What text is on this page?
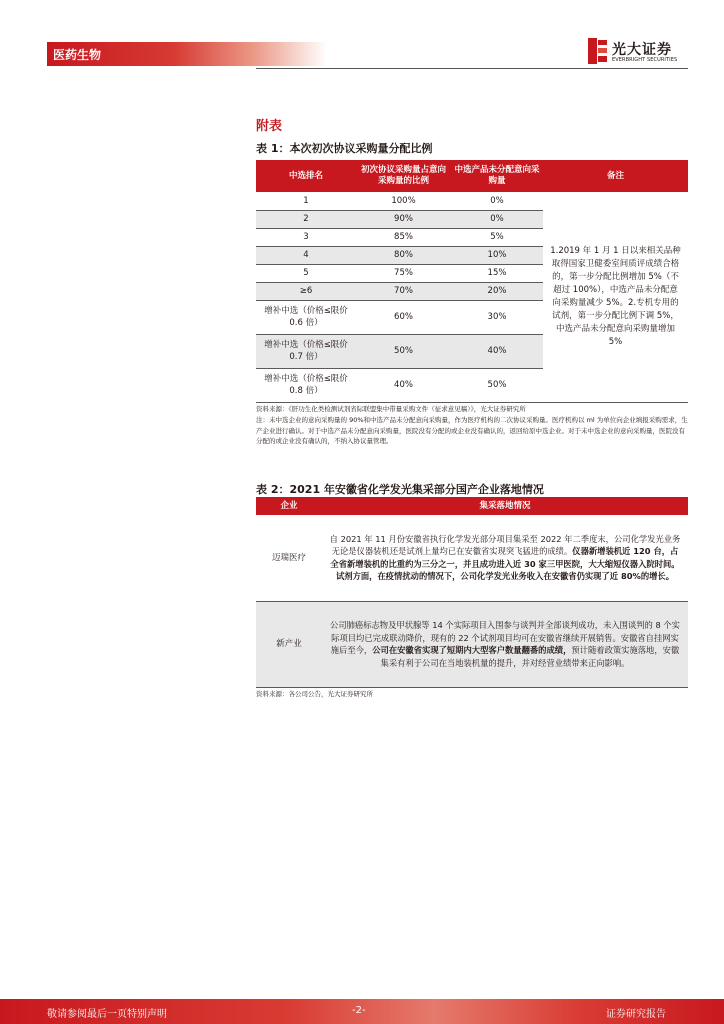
医药生物	光大证券
EVERBRIGHT SECURITIES
附表
表 1：本次初次协议采购量分配比例
中选排名	初次协议采购量占意向采购量的比例	中选产品未分配意向采购量	备注
1	100%	0%	1.2019 年 1 月 1 日以来相关品种取得国家卫健委室间质评成绩合格的，第一步分配比例增加 5%（不超过 100%），中选产品未分配意向采购量减少 5%。2.专机专用的试剂，第一步分配比例下调 5%，中选产品未分配意向采购量增加 5%
2	90%	0%	
3	85%	5%	
4	80%	10%	
5	75%	15%	
≥6	70%	20%	
增补中选（价格≤限价 0.6 倍）	60%	30%	
增补中选（价格≤限价 0.7 倍）	50%	40%	
增补中选（价格≤限价 0.8 倍）	40%	50%	
资料来源：《肝功生化类检测试剂省际联盟集中带量采购文件（征求意见稿）》，光大证券研究所
注：未中选企业的意向采购量的 90%和中选产品未分配意向采购量，作为医疗机构的二次协议采购量。医疗机构以 ml 为单位向企业填报采购需求，生产企业进行确认。对于中选产品未分配意向采购量，医院没有分配的或企业没有确认的，返回给原中选企业。对于未中选企业的意向采购量，医院没有分配的或企业没有确认的，不纳入协议量管理。
表 2：2021 年安徽省化学发光集采部分国产企业落地情况
企业	集采落地情况
迈瑞医疗	自 2021 年 11 月份安徽省执行化学发光部分项目集采至 2022 年二季度末，公司化学发光业务无论是仪器装机还是试剂上量均已在安徽省实现突飞猛进的成绩。仪器新增装机近 120 台，占全省新增装机的比重约为三分之一，并且成功进入近 30 家三甲医院，大大缩短仪器入院时间。试剂方面，在疫情扰动的情况下，公司化学发光业务收入在安徽省仍实现了近 80%的增长。
新产业	公司肺癌标志物及甲状腺等 14 个实际项目入围参与谈判并全部谈判成功，未入围谈判的 8 个实际项目均已完成联动降价，现有的 22 个试剂项目均可在安徽省继续开展销售。安徽省自挂网实施后至今，公司在安徽省实现了短期内大型客户数量翻番的成绩，预计随着政策实施落地，安徽集采有利于公司在当地装机量的提升，并对经营业绩带来正向影响。
资料来源：各公司公告，光大证券研究所
敬请参阅最后一页特别声明	-2-	证券研究报告
